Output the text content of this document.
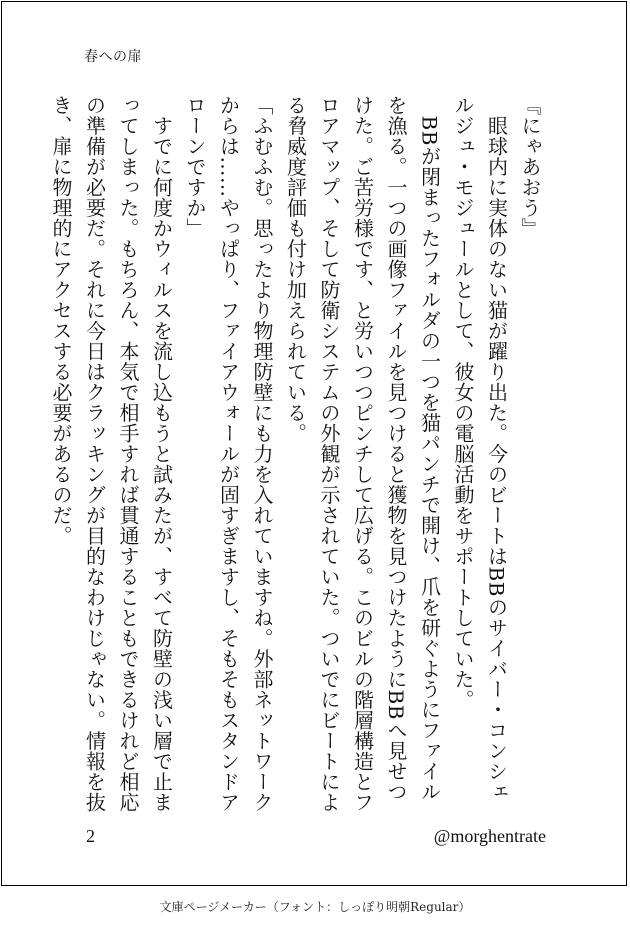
春への扉

『にゃあおう』

　眼球内に実体のない猫が躍り出た。今のビートはBBのサイバー・コンシェルジュ・モジュールとして、彼女の電脳活動をサポートしていた。

　BBが閉まったフォルダの一つを猫パンチで開け、爪を研ぐようにファイルを漁る。一つの画像ファイルを見つけると獲物を見つけたようにBBへ見せつけた。ご苦労様です、と労いつつピンチして広げる。このビルの階層構造とフロアマップ、そして防衛システムの外観が示されていた。ついでにビートによる脅威度評価も付け加えられている。

「ふむふむ。思ったより物理防壁にも力を入れていますね。外部ネットワークからは……やっぱり、ファイアウォールが固すぎますし、そもそもスタンドアローンですか」

　すでに何度かウィルスを流し込もうと試みたが、すべて防壁の浅い層で止まってしまった。もちろん、本気で相手すれば貫通することもできるけれど相応の準備が必要だ。それに今日はクラッキングが目的なわけじゃない。情報を抜き、扉に物理的にアクセスする必要があるのだ。

2	@morghentrate
文庫ページメーカー（フォント：しっぽり明朝Regular）
